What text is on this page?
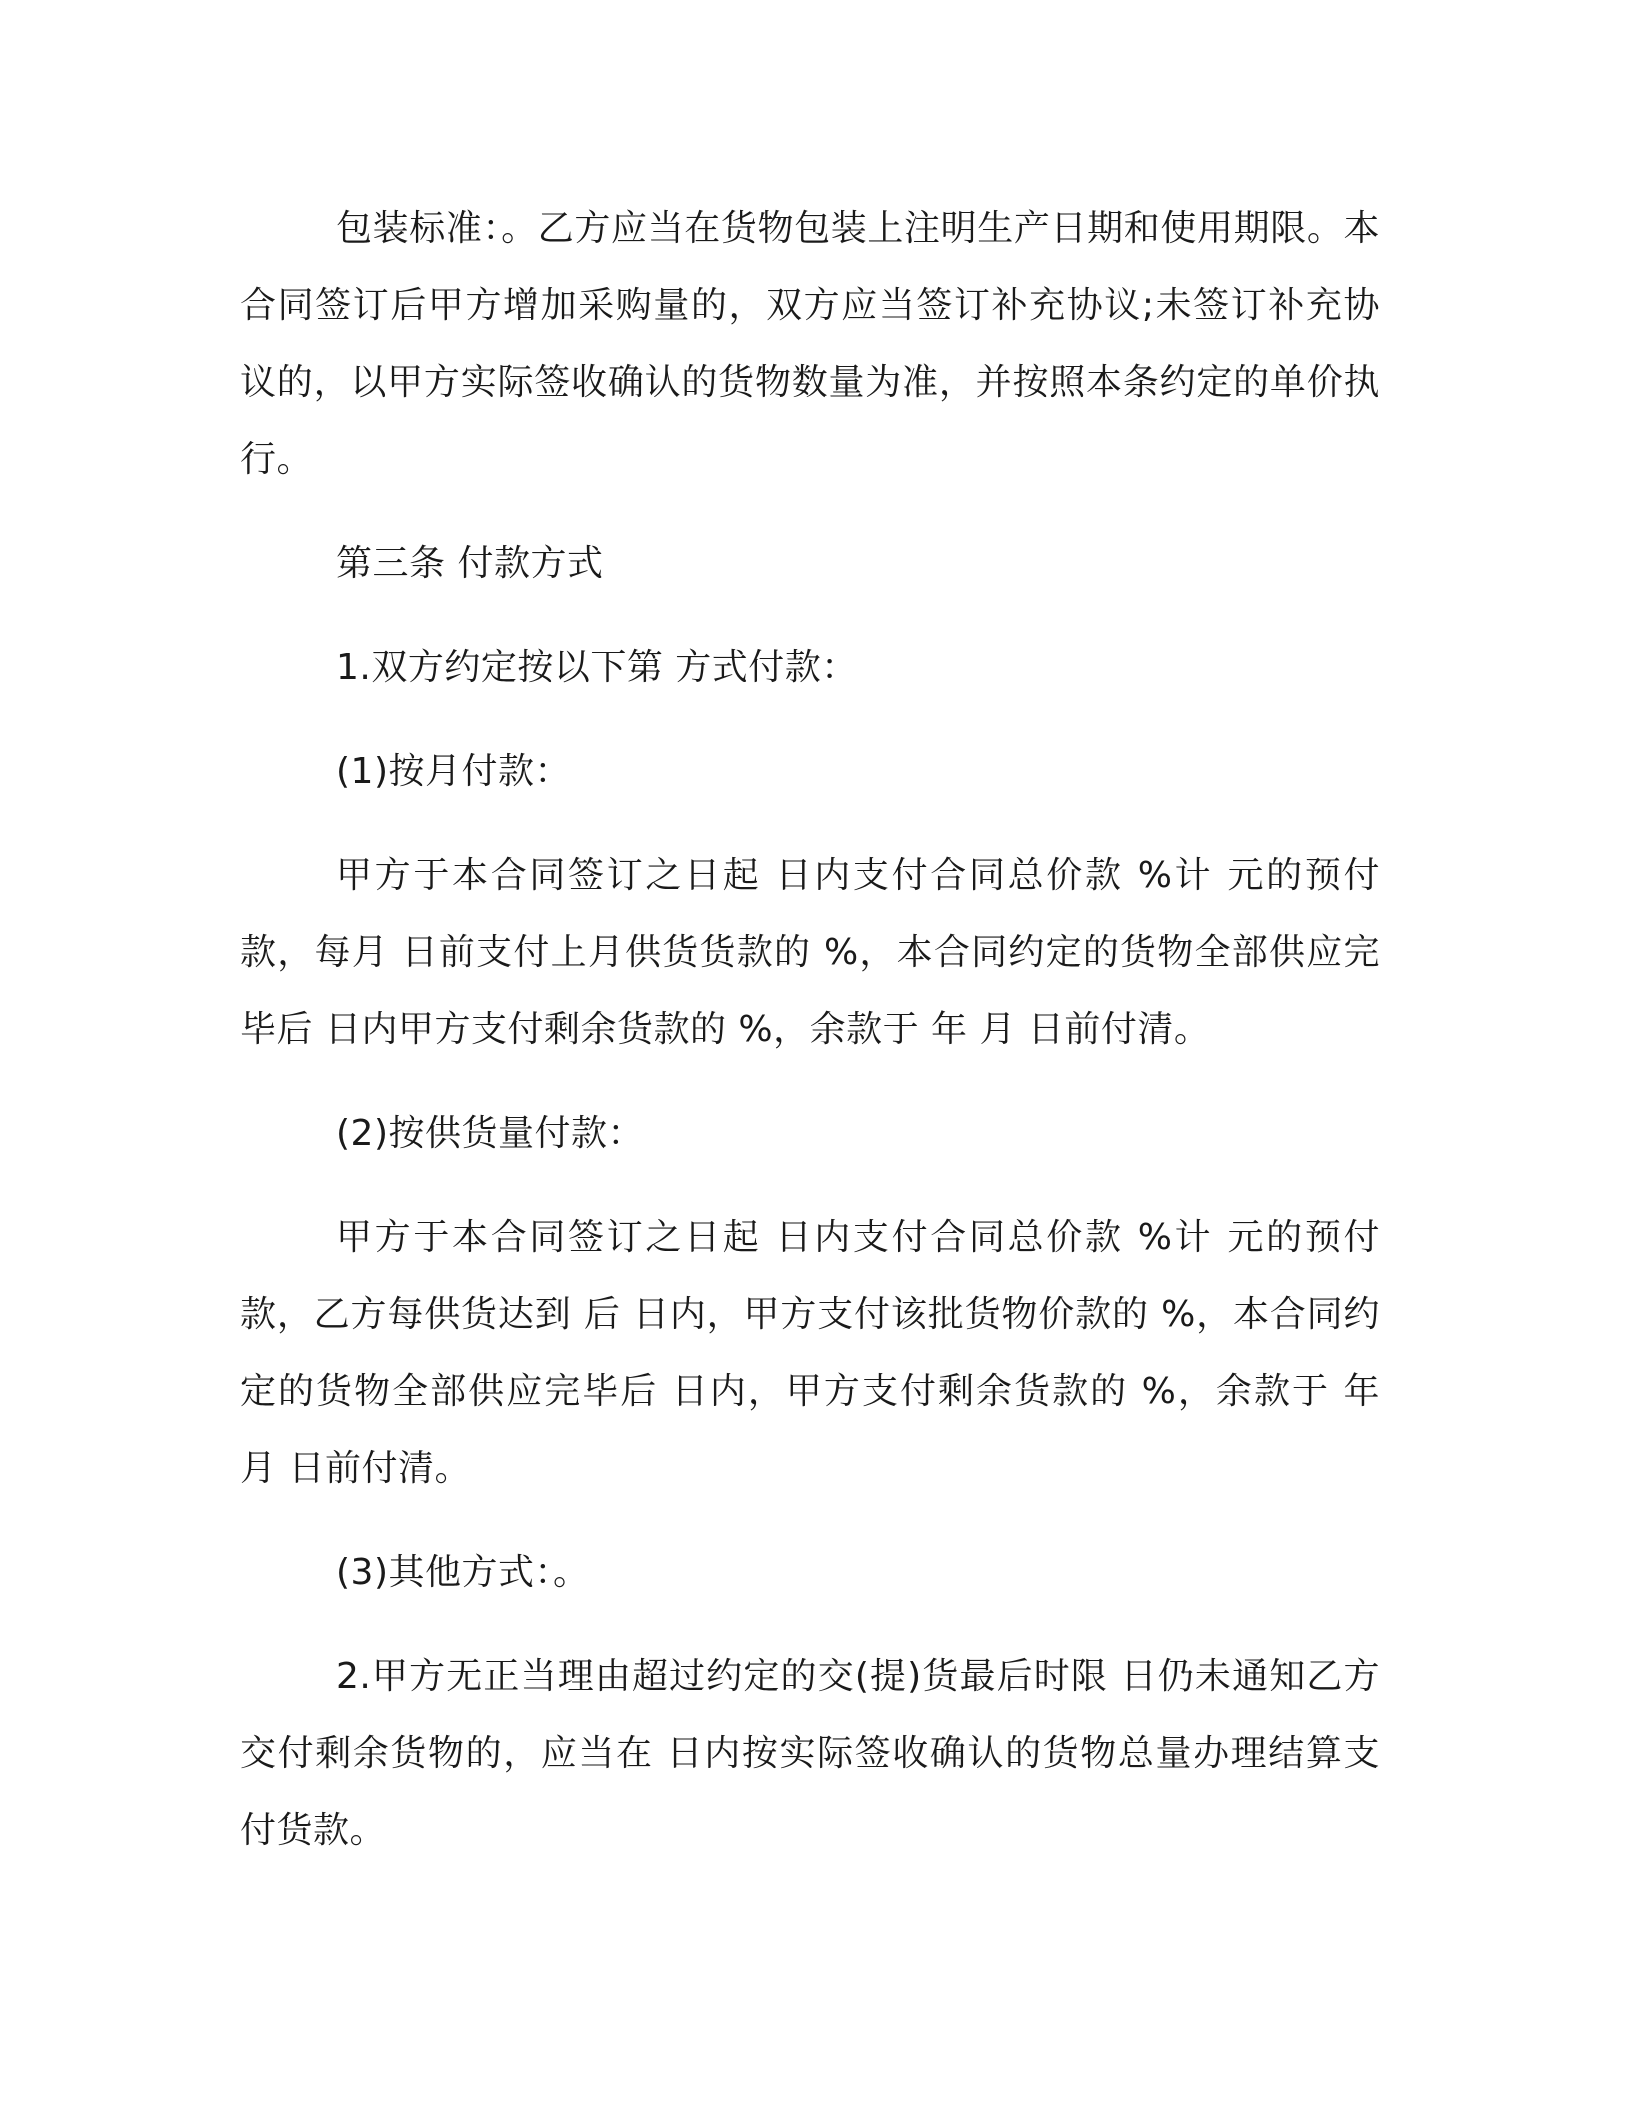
包装标准：。乙方应当在货物包装上注明生产日期和使用期限。本合同签订后甲方增加采购量的，双方应当签订补充协议;未签订补充协议的，以甲方实际签收确认的货物数量为准，并按照本条约定的单价执行。

第三条 付款方式

1.双方约定按以下第 方式付款：

(1)按月付款：

甲方于本合同签订之日起 日内支付合同总价款 %计 元的预付款，每月 日前支付上月供货货款的 %，本合同约定的货物全部供应完毕后 日内甲方支付剩余货款的 %，余款于 年 月 日前付清。

(2)按供货量付款：

甲方于本合同签订之日起 日内支付合同总价款 %计 元的预付款，乙方每供货达到 后 日内，甲方支付该批货物价款的 %，本合同约定的货物全部供应完毕后 日内，甲方支付剩余货款的 %，余款于 年 月 日前付清。

(3)其他方式：。

2.甲方无正当理由超过约定的交(提)货最后时限 日仍未通知乙方交付剩余货物的，应当在 日内按实际签收确认的货物总量办理结算支付货款。
